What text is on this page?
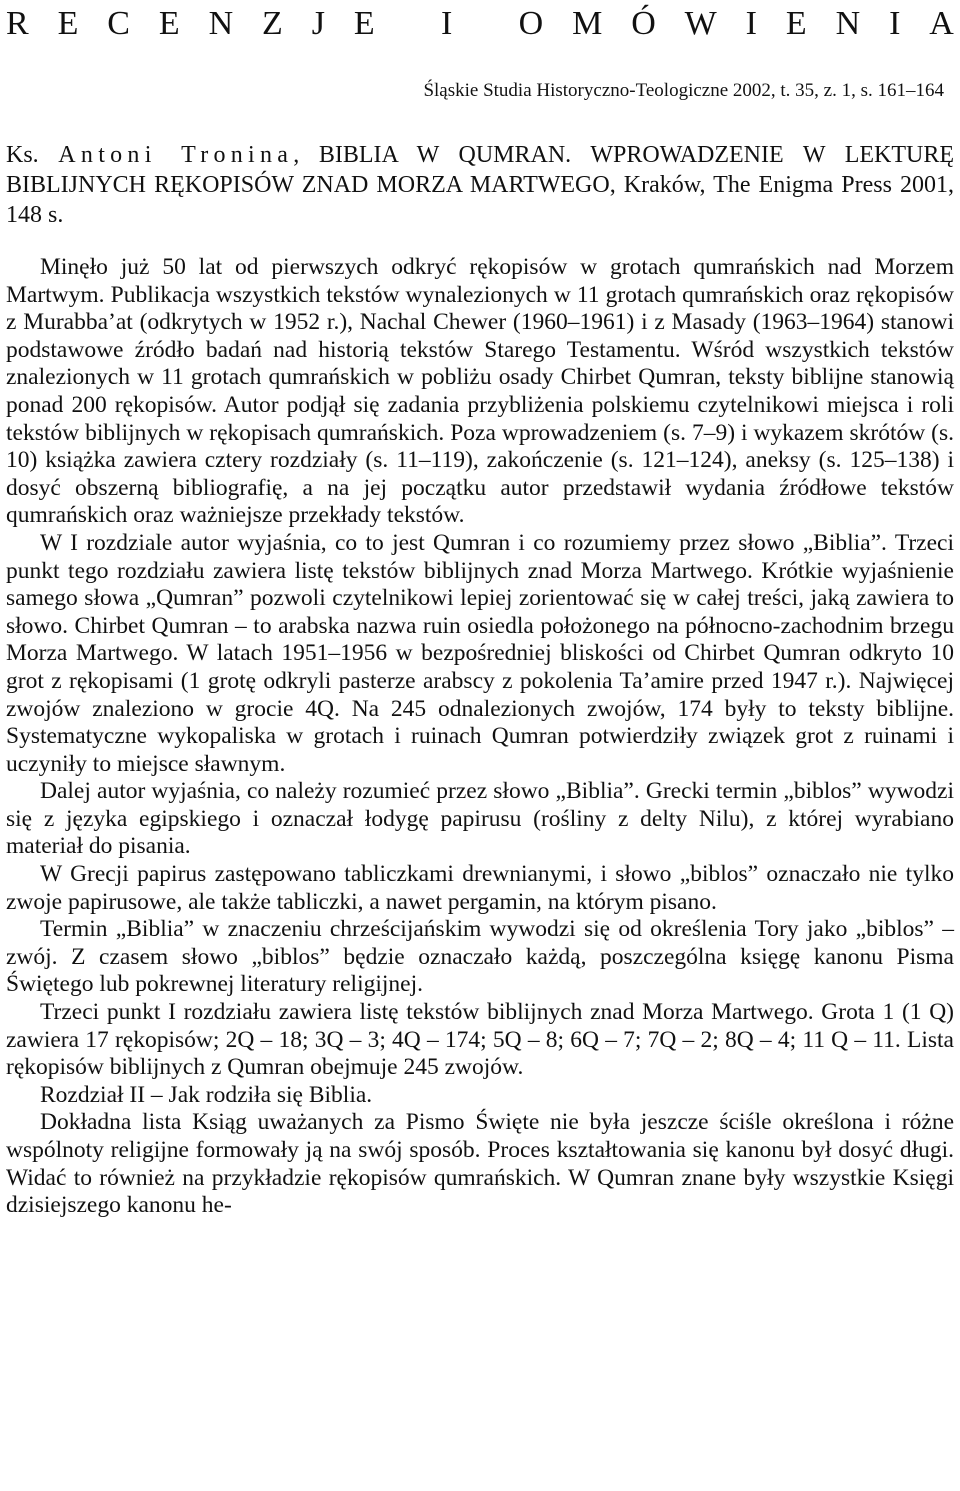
R E C E N Z J E
I
O M Ó W I E N I A
Śląskie Studia Historyczno-Teologiczne 2002, t. 35, z. 1, s. 161–164
Ks. Antoni Tronina, BIBLIA W QUMRAN. WPROWADZENIE W LEKTURĘ BIBLIJNYCH RĘKOPISÓW ZNAD MORZA MARTWEGO, Kraków, The Enigma Press 2001, 148 s.

Minęło już 50 lat od pierwszych odkryć rękopisów w grotach qumrańskich nad Morzem Martwym. Publikacja wszystkich tekstów wynalezionych w 11 grotach qumrańskich oraz rękopisów z Murabba’at (odkrytych w 1952 r.), Nachal Chewer (1960–1961) i z Masady (1963–1964) stanowi podstawowe źródło badań nad historią tekstów Starego Testamentu. Wśród wszystkich tekstów znalezionych w 11 grotach qumrańskich w pobliżu osady Chirbet Qumran, teksty biblijne stanowią ponad 200 rękopisów. Autor podjął się zadania przybliżenia polskiemu czytelnikowi miejsca i roli tekstów biblijnych w rękopisach qumrańskich. Poza wprowadzeniem (s. 7–9) i wykazem skrótów (s. 10) książka zawiera cztery rozdziały (s. 11–119), zakończenie (s. 121–124), aneksy (s. 125–138) i dosyć obszerną bibliografię, a na jej początku autor przedstawił wydania źródłowe tekstów qumrańskich oraz ważniejsze przekłady tekstów.

W I rozdziale autor wyjaśnia, co to jest Qumran i co rozumiemy przez słowo „Biblia”. Trzeci punkt tego rozdziału zawiera listę tekstów biblijnych znad Morza Martwego. Krótkie wyjaśnienie samego słowa „Qumran” pozwoli czytelnikowi lepiej zorientować się w całej treści, jaką zawiera to słowo. Chirbet Qumran – to arabska nazwa ruin osiedla położonego na północno-zachodnim brzegu Morza Martwego. W latach 1951–1956 w bezpośredniej bliskości od Chirbet Qumran odkryto 10 grot z rękopisami (1 grotę odkryli pasterze arabscy z pokolenia Ta’amire przed 1947 r.). Najwięcej zwojów znaleziono w grocie 4Q. Na 245 odnalezionych zwojów, 174 były to teksty biblijne. Systematyczne wykopaliska w grotach i ruinach Qumran potwierdziły związek grot z ruinami i uczyniły to miejsce sławnym.

Dalej autor wyjaśnia, co należy rozumieć przez słowo „Biblia”. Grecki termin „biblos” wywodzi się z języka egipskiego i oznaczał łodygę papirusu (rośliny z delty Nilu), z której wyrabiano materiał do pisania.

W Grecji papirus zastępowano tabliczkami drewnianymi, i słowo „biblos” oznaczało nie tylko zwoje papirusowe, ale także tabliczki, a nawet pergamin, na którym pisano.

Termin „Biblia” w znaczeniu chrześcijańskim wywodzi się od określenia Tory jako „biblos” – zwój. Z czasem słowo „biblos” będzie oznaczało każdą, poszczególna księgę kanonu Pisma Świętego lub pokrewnej literatury religijnej.

Trzeci punkt I rozdziału zawiera listę tekstów biblijnych znad Morza Martwego. Grota 1 (1 Q) zawiera 17 rękopisów; 2Q – 18; 3Q – 3; 4Q – 174; 5Q – 8; 6Q – 7; 7Q – 2; 8Q – 4; 11 Q – 11. Lista rękopisów biblijnych z Qumran obejmuje 245 zwojów.

Rozdział II – Jak rodziła się Biblia.

Dokładna lista Ksiąg uważanych za Pismo Święte nie była jeszcze ściśle określona i różne wspólnoty religijne formowały ją na swój sposób. Proces kształtowania się kanonu był dosyć długi. Widać to również na przykładzie rękopisów qumrańskich. W Qumran znane były wszystkie Księgi dzisiejszego kanonu he-
